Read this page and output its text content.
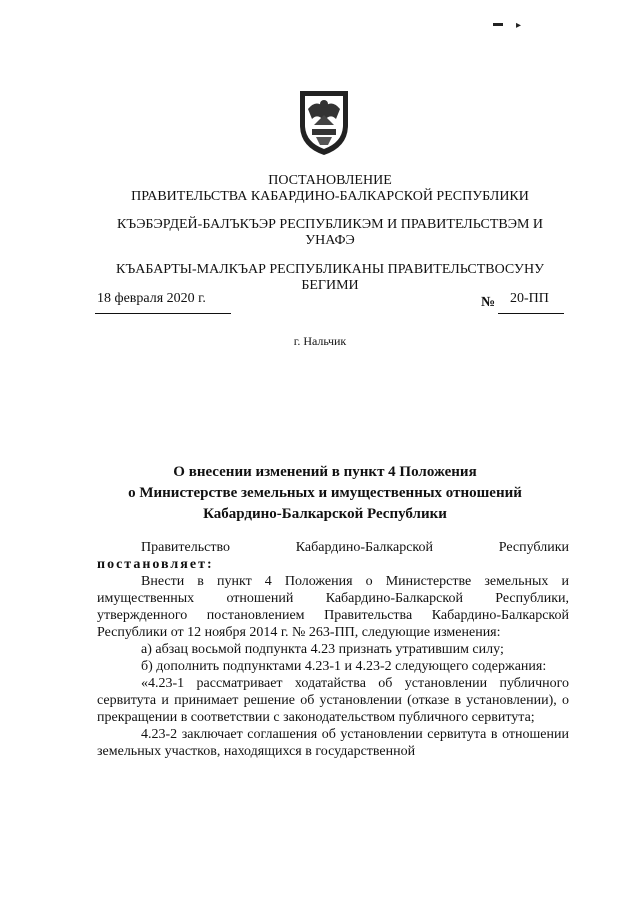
ПОСТАНОВЛЕНИЕ
ПРАВИТЕЛЬСТВА КАБАРДИНО-БАЛКАРСКОЙ РЕСПУБЛИКИ
КЪЭБЭРДЕЙ-БАЛЪКЪЭР РЕСПУБЛИКЭМ И ПРАВИТЕЛЬСТВЭМ И
УНАФЭ
КЪАБАРТЫ-МАЛКЪАР РЕСПУБЛИКАНЫ ПРАВИТЕЛЬСТВОСУНУ
БЕГИМИ
18 февраля 2020 г.	№ 20-ПП
г. Нальчик
О внесении изменений в пункт 4 Положения
о Министерстве земельных и имущественных отношений
Кабардино-Балкарской Республики
Правительство	Кабардино-Балкарской	Республики
постановляет:
Внести в пункт 4 Положения о Министерстве земельных и имущественных отношений Кабардино-Балкарской Республики, утвержденного постановлением Правительства Кабардино-Балкарской Республики от 12 ноября 2014 г. № 263-ПП, следующие изменения:
а) абзац восьмой подпункта 4.23 признать утратившим силу;
б) дополнить подпунктами 4.23-1 и 4.23-2 следующего содержания:
«4.23-1 рассматривает ходатайства об установлении публичного сервитута и принимает решение об установлении (отказе в установлении), о прекращении в соответствии с законодательством публичного сервитута;
4.23-2 заключает соглашения об установлении сервитута в отношении земельных участков, находящихся в государственной
▬ ▸
